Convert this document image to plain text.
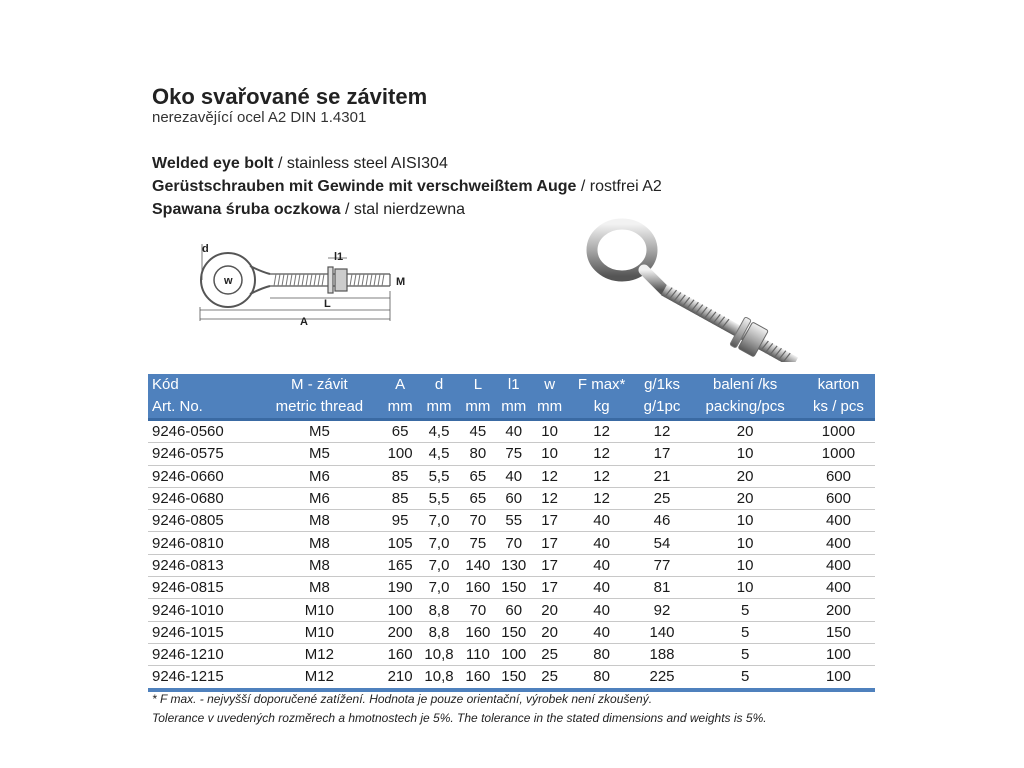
Oko svařované se závitem
nerezavějící ocel A2 DIN 1.4301
Welded eye bolt / stainless steel AISI304
Gerüstschrauben mit Gewinde mit verschweißtem Auge / rostfrei A2
Spawana śruba oczkowa / stal nierdzewna
d
w
l1
M
L
A
Kód	M - závit	A	d	L	l1	w	F max*	g/1ks	balení /ks	karton
Art. No.	metric thread	mm	mm	mm	mm	mm	kg	g/1pc	packing/pcs	ks / pcs
9246-0560	M5	65	4,5	45	40	10	12	12	20	1000
9246-0575	M5	100	4,5	80	75	10	12	17	10	1000
9246-0660	M6	85	5,5	65	40	12	12	21	20	600
9246-0680	M6	85	5,5	65	60	12	12	25	20	600
9246-0805	M8	95	7,0	70	55	17	40	46	10	400
9246-0810	M8	105	7,0	75	70	17	40	54	10	400
9246-0813	M8	165	7,0	140	130	17	40	77	10	400
9246-0815	M8	190	7,0	160	150	17	40	81	10	400
9246-1010	M10	100	8,8	70	60	20	40	92	5	200
9246-1015	M10	200	8,8	160	150	20	40	140	5	150
9246-1210	M12	160	10,8	110	100	25	80	188	5	100
9246-1215	M12	210	10,8	160	150	25	80	225	5	100
* F max. - nejvyšší doporučené zatížení. Hodnota je pouze orientační, výrobek není zkoušený.
Tolerance v uvedených rozměrech a hmotnostech je 5%. The tolerance in the stated dimensions and weights is 5%.
